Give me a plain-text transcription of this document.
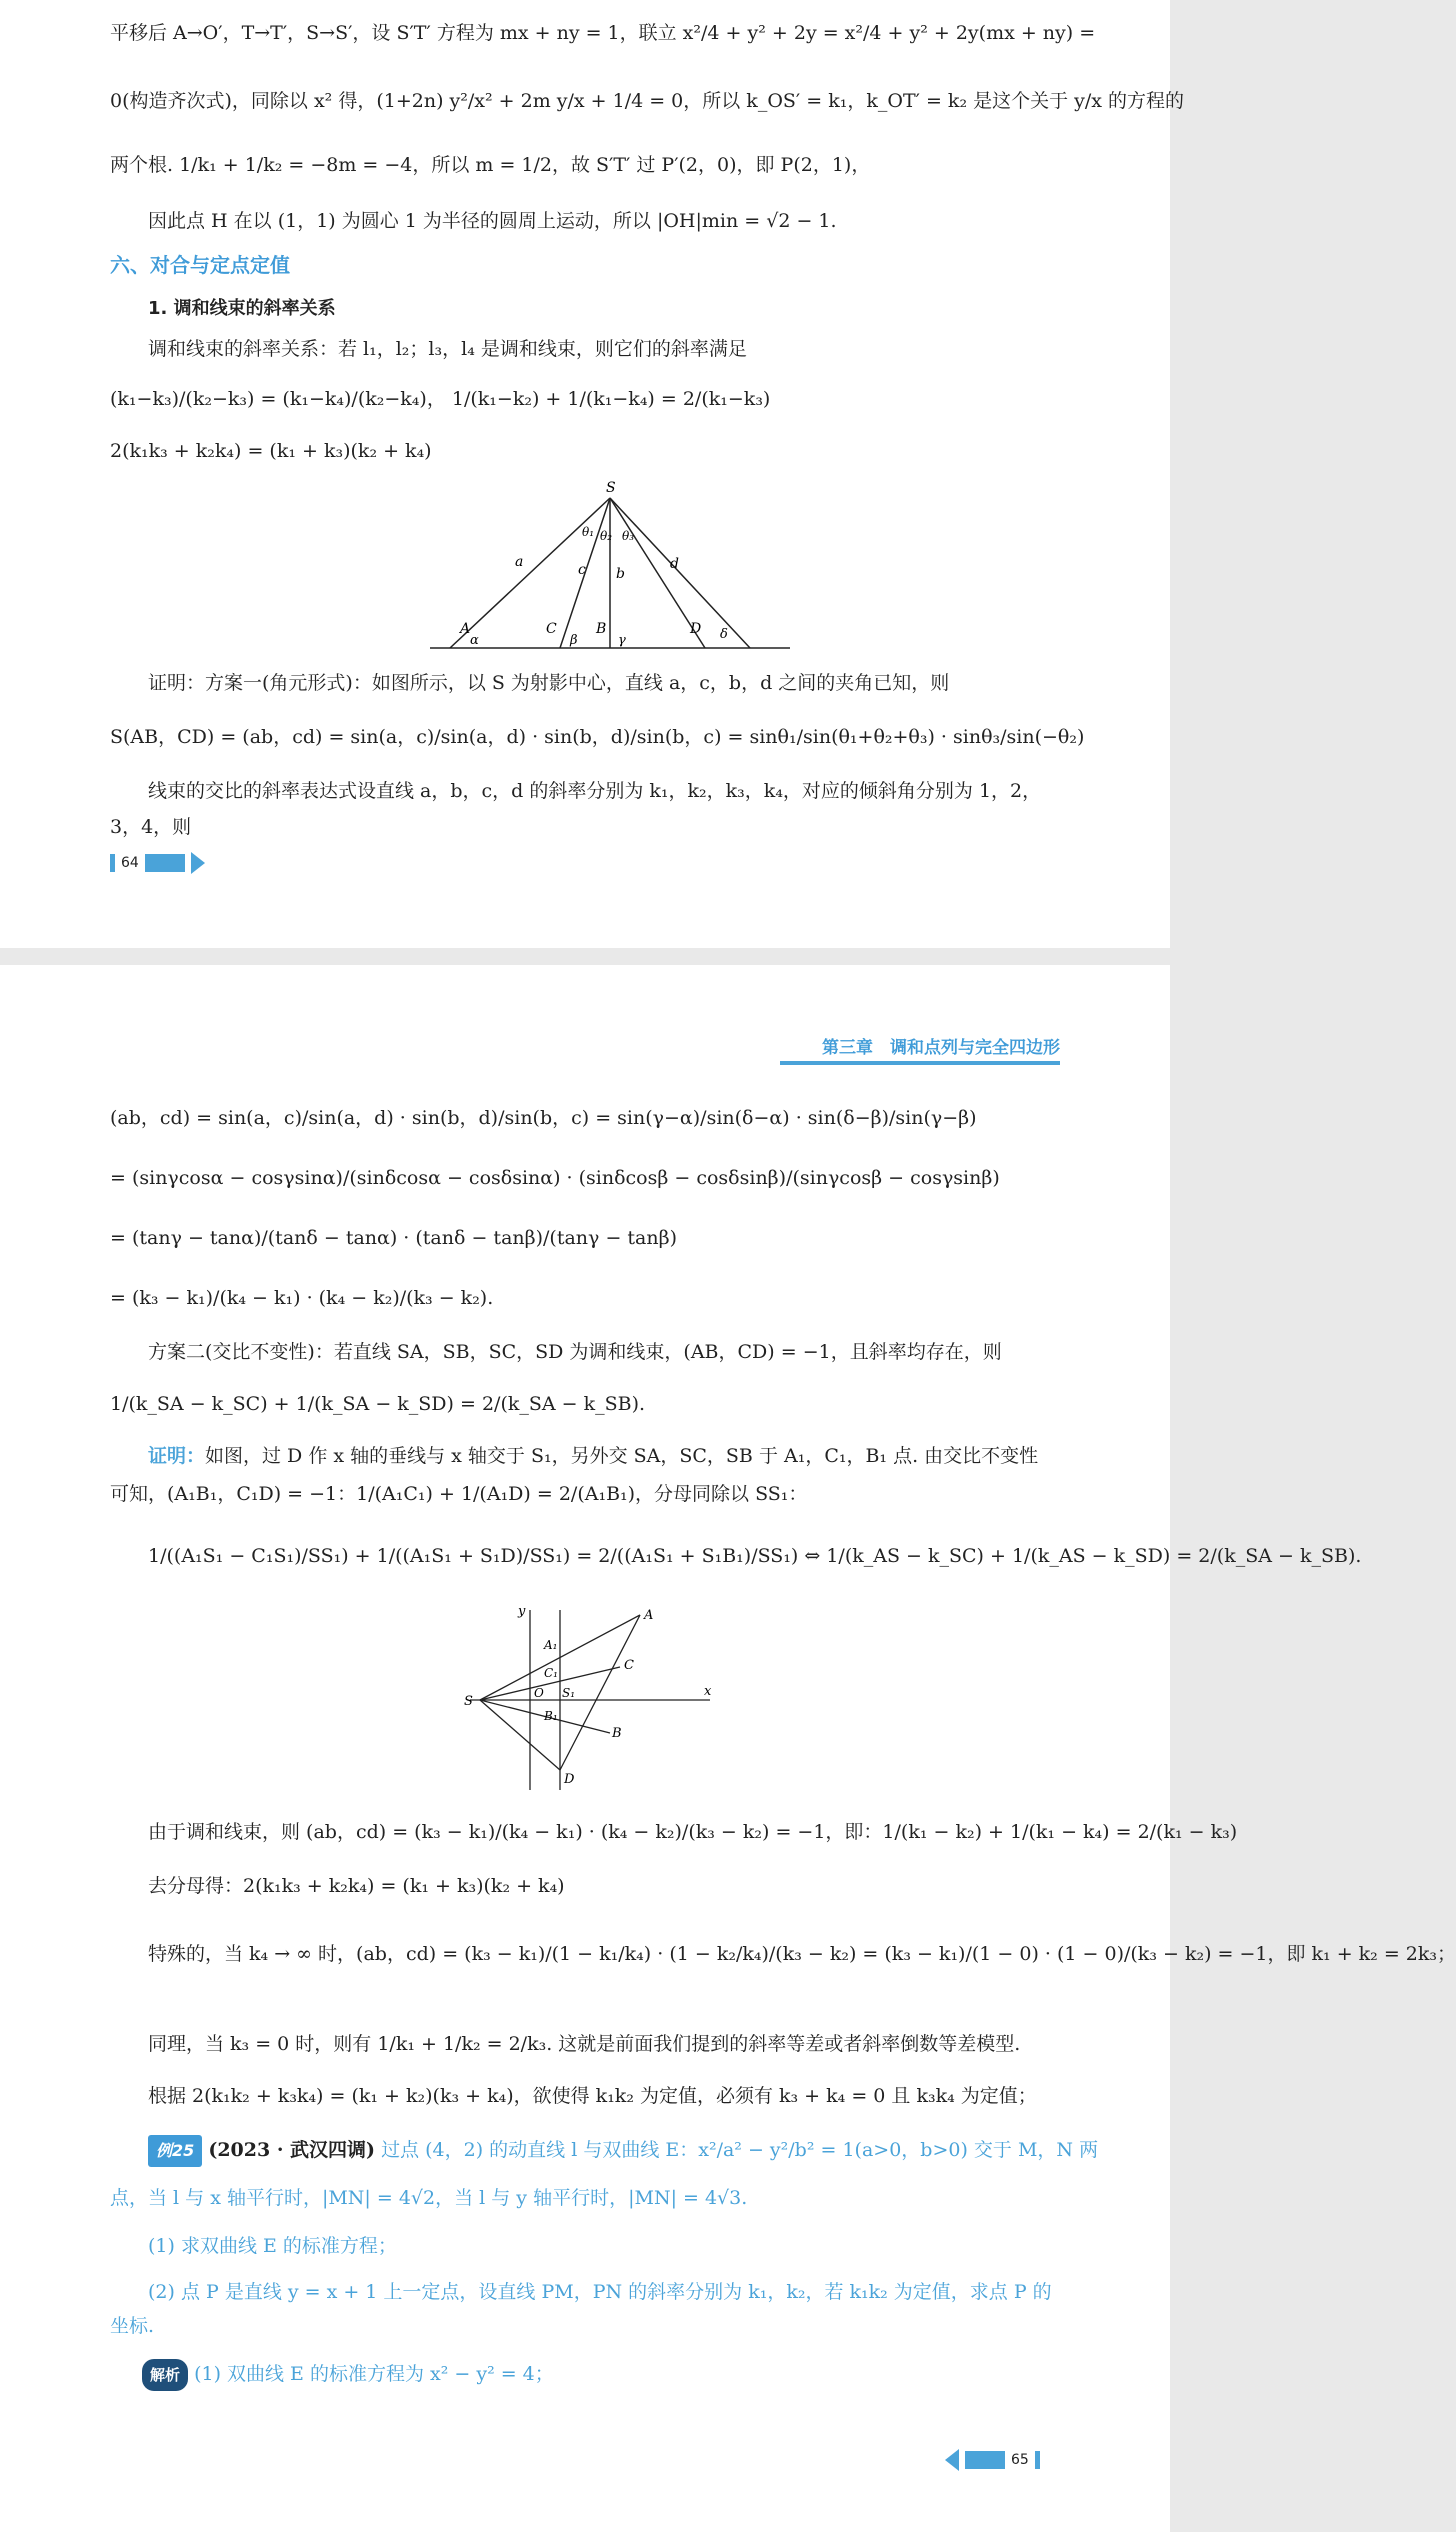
平移后 A→O′，T→T′，S→S′，设 S′T′ 方程为 mx + ny = 1，联立 x²/4 + y² + 2y = x²/4 + y² + 2y(mx + ny) =
0(构造齐次式)，同除以 x² 得，(1+2n) y²/x² + 2m y/x + 1/4 = 0，所以 k_OS′ = k₁，k_OT′ = k₂ 是这个关于 y/x 的方程的
两个根. 1/k₁ + 1/k₂ = −8m = −4，所以 m = 1/2，故 S′T′ 过 P′(2，0)，即 P(2，1)，
因此点 H 在以 (1，1) 为圆心 1 为半径的圆周上运动，所以 |OH|min = √2 − 1.
六、对合与定点定值
1. 调和线束的斜率关系
调和线束的斜率关系：若 l₁，l₂；l₃，l₄ 是调和线束，则它们的斜率满足
(k₁−k₃)/(k₂−k₃) = (k₁−k₄)/(k₂−k₄)， 1/(k₁−k₂) + 1/(k₁−k₄) = 2/(k₁−k₃)
2(k₁k₃ + k₂k₄) = (k₁ + k₃)(k₂ + k₄)
S
a
b
c	d
θ₁ θ₂ θ₃
A	B
C	D
α	β	γ	δ
证明：方案一(角元形式)：如图所示，以 S 为射影中心，直线 a，c，b，d 之间的夹角已知，则
S(AB，CD) = (ab，cd) = sin(a，c)/sin(a，d) · sin(b，d)/sin(b，c) = sinθ₁/sin(θ₁+θ₂+θ₃) · sinθ₃/sin(−θ₂)
线束的交比的斜率表达式设直线 a，b，c，d 的斜率分别为 k₁，k₂，k₃，k₄，对应的倾斜角分别为 1，2，
3，4，则
64
第三章　调和点列与完全四边形
(ab，cd) = sin(a，c)/sin(a，d) · sin(b，d)/sin(b，c) = sin(γ−α)/sin(δ−α) · sin(δ−β)/sin(γ−β)
= (sinγcosα − cosγsinα)/(sinδcosα − cosδsinα) · (sinδcosβ − cosδsinβ)/(sinγcosβ − cosγsinβ)
= (tanγ − tanα)/(tanδ − tanα) · (tanδ − tanβ)/(tanγ − tanβ)
= (k₃ − k₁)/(k₄ − k₁) · (k₄ − k₂)/(k₃ − k₂).
方案二(交比不变性)：若直线 SA，SB，SC，SD 为调和线束，(AB，CD) = −1，且斜率均存在，则
1/(k_SA − k_SC) + 1/(k_SA − k_SD) = 2/(k_SA − k_SB).
证明：如图，过 D 作 x 轴的垂线与 x 轴交于 S₁，另外交 SA，SC，SB 于 A₁，C₁，B₁ 点. 由交比不变性
可知，(A₁B₁，C₁D) = −1：1/(A₁C₁) + 1/(A₁D) = 2/(A₁B₁)，分母同除以 SS₁：
1/((A₁S₁ − C₁S₁)/SS₁) + 1/((A₁S₁ + S₁D)/SS₁) = 2/((A₁S₁ + S₁B₁)/SS₁) ⇔ 1/(k_AS − k_SC) + 1/(k_AS − k_SD) = 2/(k_SA − k_SB).
y
x
A
A₁
C
C₁
S
O S₁
B₁
B
D
由于调和线束，则 (ab，cd) = (k₃ − k₁)/(k₄ − k₁) · (k₄ − k₂)/(k₃ − k₂) = −1，即：1/(k₁ − k₂) + 1/(k₁ − k₄) = 2/(k₁ − k₃)
去分母得：2(k₁k₃ + k₂k₄) = (k₁ + k₃)(k₂ + k₄)
特殊的，当 k₄ → ∞ 时，(ab，cd) = (k₃ − k₁)/(1 − k₁/k₄) · (1 − k₂/k₄)/(k₃ − k₂) = (k₃ − k₁)/(1 − 0) · (1 − 0)/(k₃ − k₂) = −1，即 k₁ + k₂ = 2k₃；
同理，当 k₃ = 0 时，则有 1/k₁ + 1/k₂ = 2/k₃. 这就是前面我们提到的斜率等差或者斜率倒数等差模型.
根据 2(k₁k₂ + k₃k₄) = (k₁ + k₂)(k₃ + k₄)，欲使得 k₁k₂ 为定值，必须有 k₃ + k₄ = 0 且 k₃k₄ 为定值；
例25 (2023 · 武汉四调) 过点 (4，2) 的动直线 l 与双曲线 E：x²/a² − y²/b² = 1(a>0，b>0) 交于 M，N 两
点，当 l 与 x 轴平行时，|MN| = 4√2，当 l 与 y 轴平行时，|MN| = 4√3.
(1) 求双曲线 E 的标准方程；
(2) 点 P 是直线 y = x + 1 上一定点，设直线 PM，PN 的斜率分别为 k₁，k₂，若 k₁k₂ 为定值，求点 P 的
坐标.
解析 (1) 双曲线 E 的标准方程为 x² − y² = 4；
65
